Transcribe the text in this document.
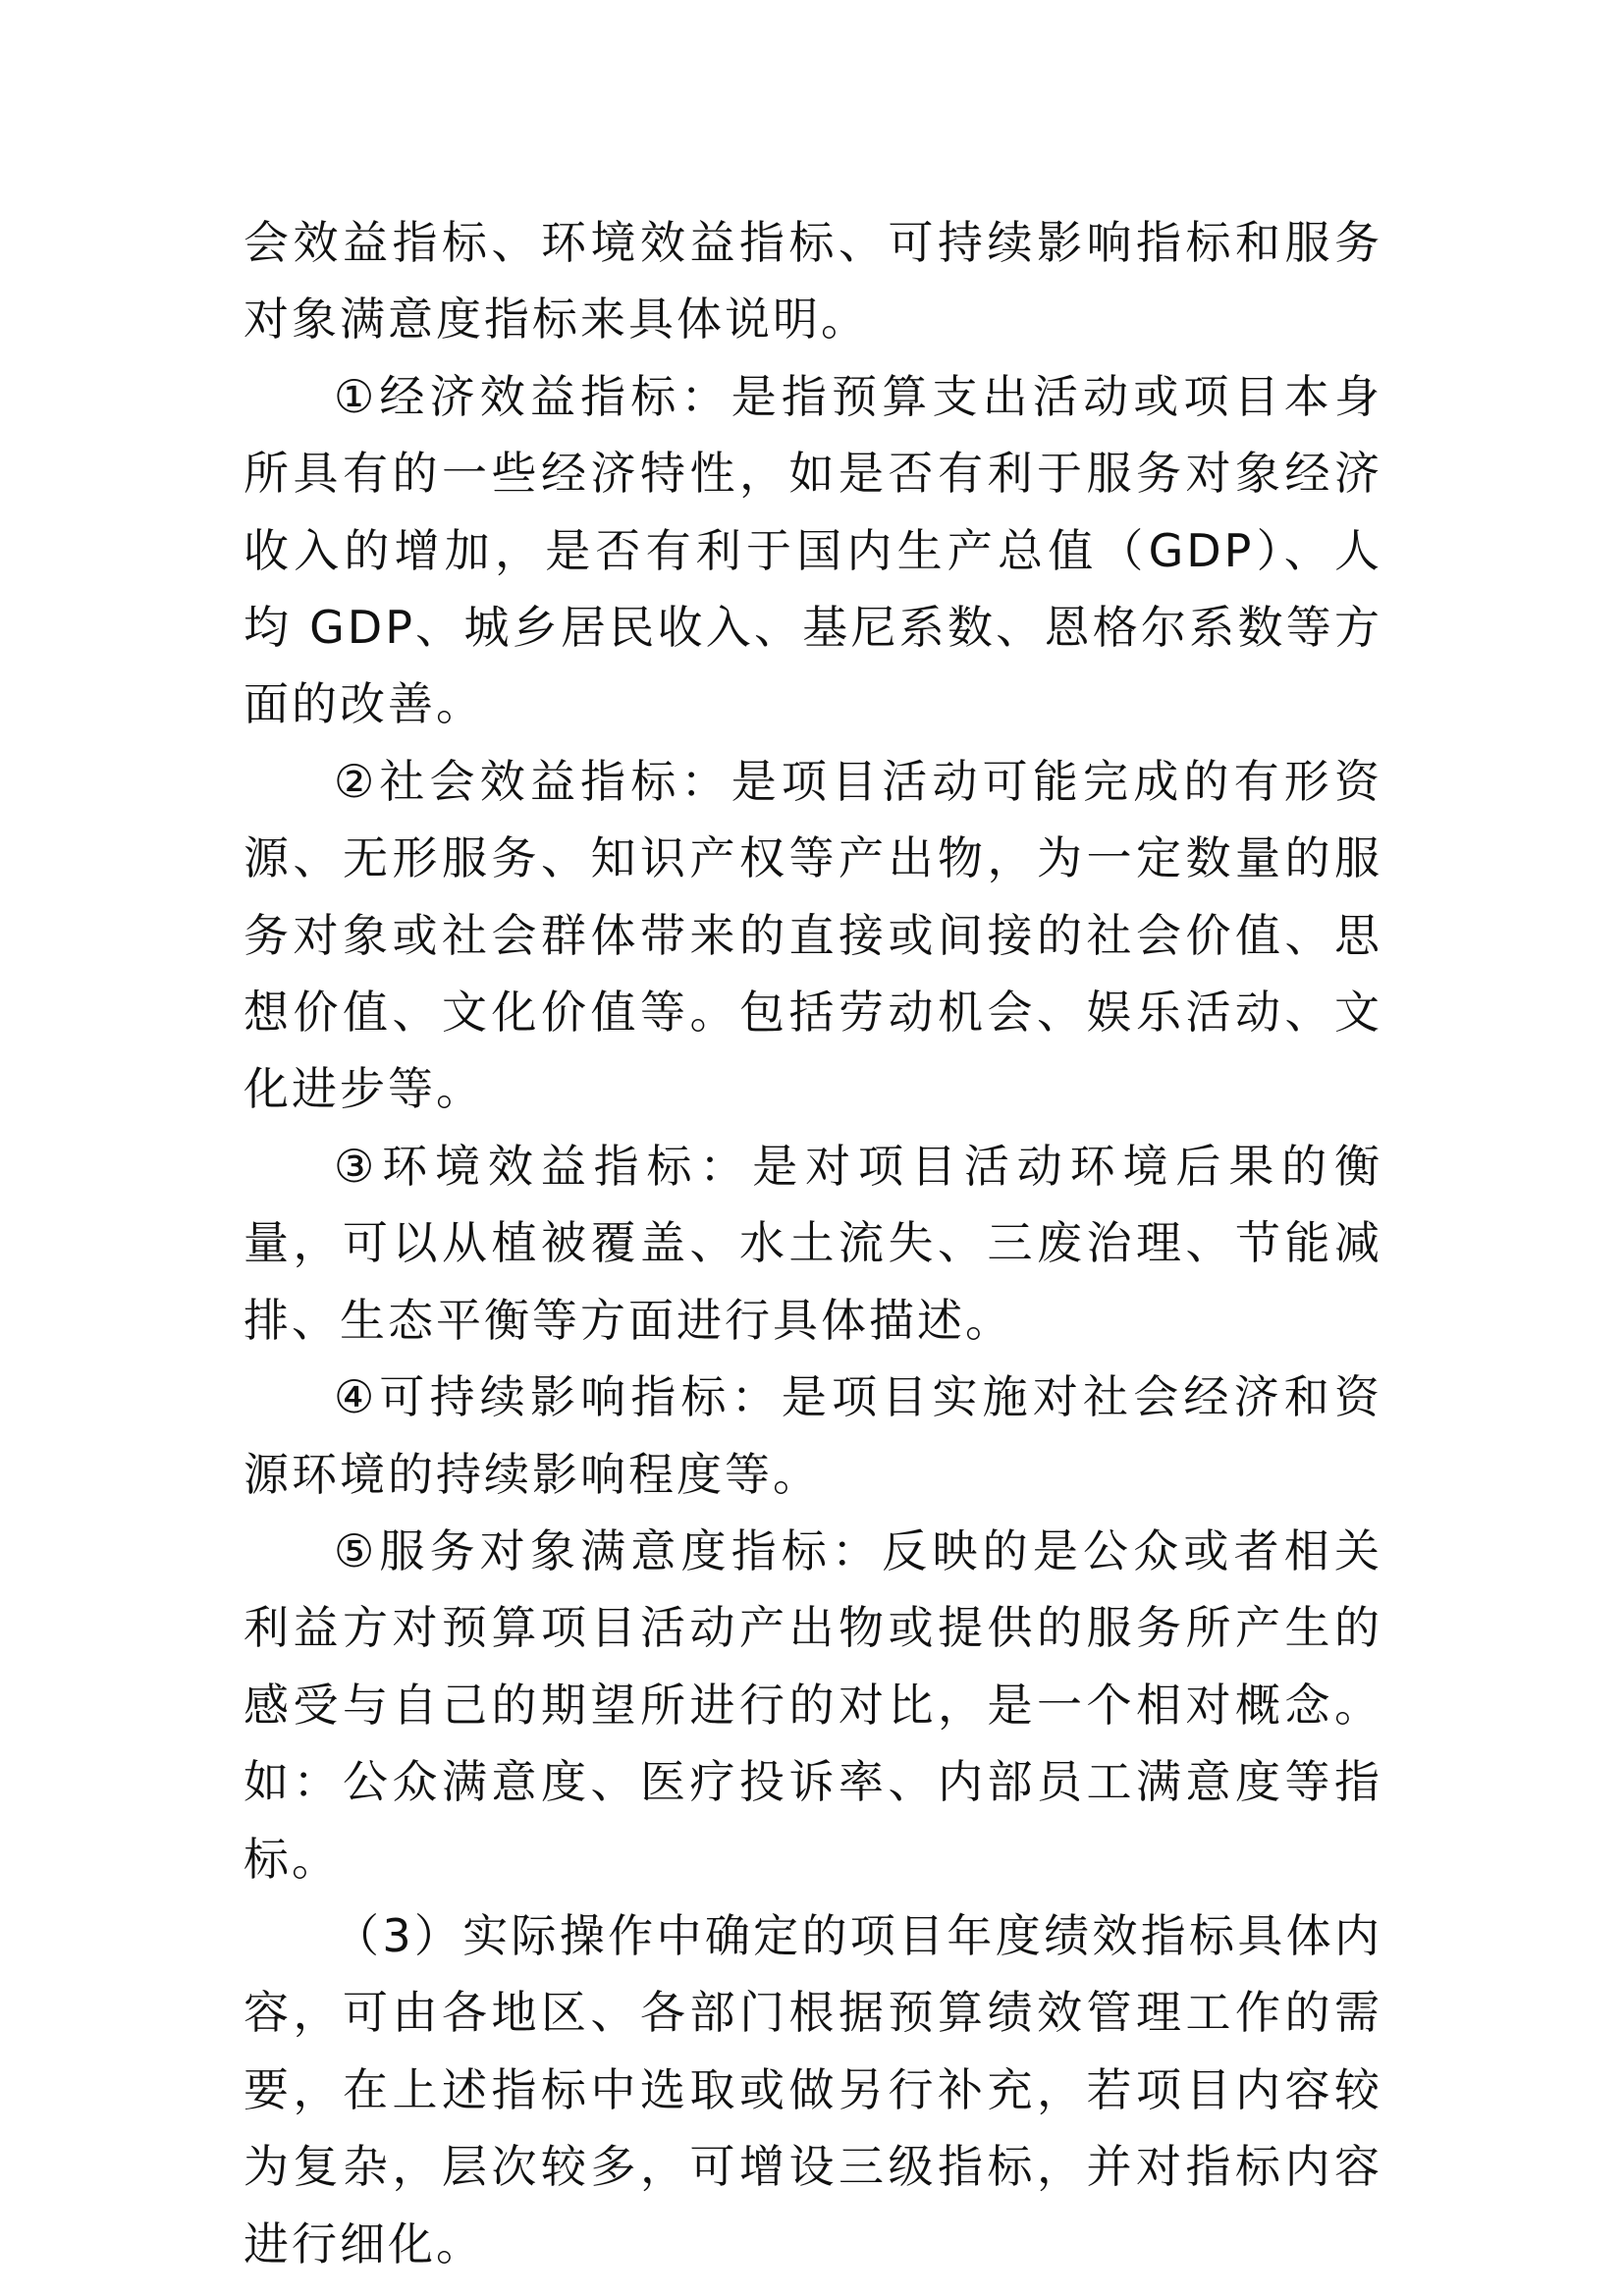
会效益指标、环境效益指标、可持续影响指标和服务对象满意度指标来具体说明。

①经济效益指标：是指预算支出活动或项目本身所具有的一些经济特性，如是否有利于服务对象经济收入的增加，是否有利于国内生产总值（GDP）、人均 GDP、城乡居民收入、基尼系数、恩格尔系数等方面的改善。

②社会效益指标：是项目活动可能完成的有形资源、无形服务、知识产权等产出物，为一定数量的服务对象或社会群体带来的直接或间接的社会价值、思想价值、文化价值等。包括劳动机会、娱乐活动、文化进步等。

③环境效益指标：是对项目活动环境后果的衡量，可以从植被覆盖、水土流失、三废治理、节能减排、生态平衡等方面进行具体描述。

④可持续影响指标：是项目实施对社会经济和资源环境的持续影响程度等。

⑤服务对象满意度指标：反映的是公众或者相关利益方对预算项目活动产出物或提供的服务所产生的感受与自己的期望所进行的对比，是一个相对概念。如：公众满意度、医疗投诉率、内部员工满意度等指标。

（3）实际操作中确定的项目年度绩效指标具体内容，可由各地区、各部门根据预算绩效管理工作的需要，在上述指标中选取或做另行补充，若项目内容较为复杂，层次较多，可增设三级指标，并对指标内容进行细化。
